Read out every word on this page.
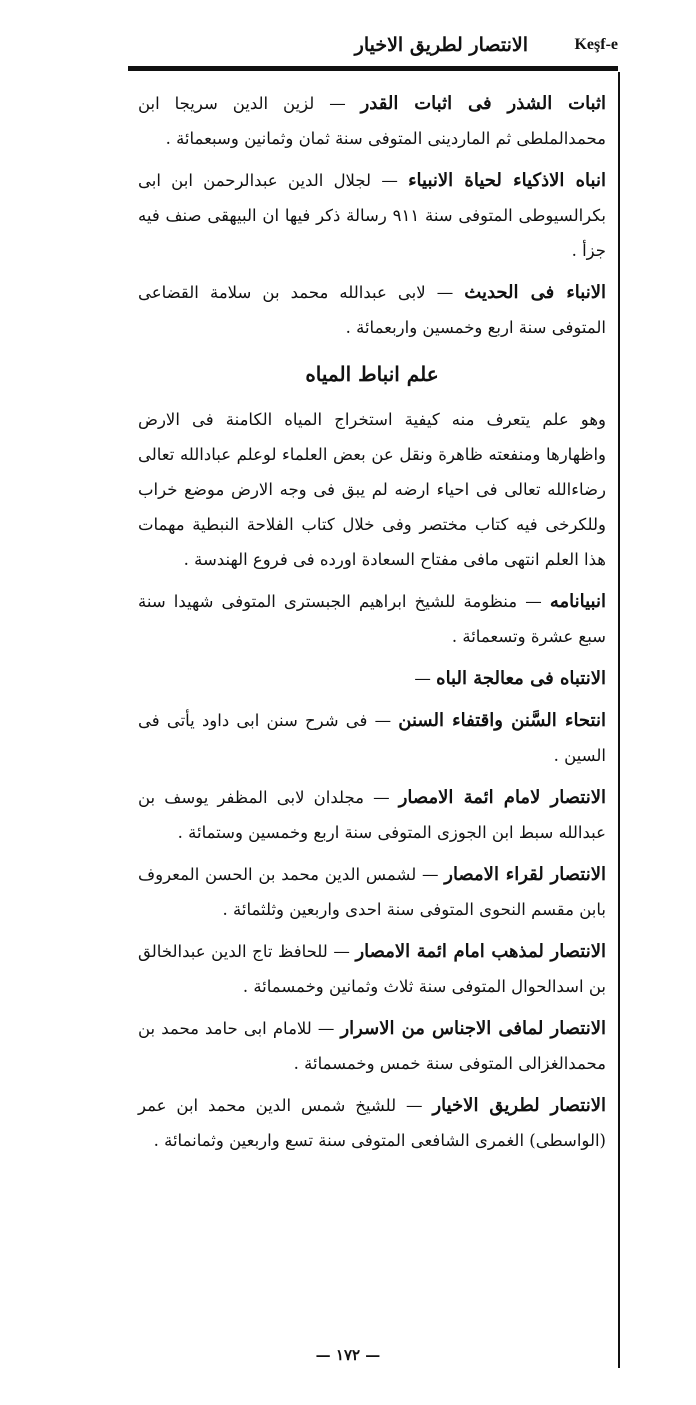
الانتصار لطريق الاخيار	Keşf-e

اثبات الشذر فى اثبات القدر — لزين الدين سريجا ابن محمدالملطى ثم الماردينى المتوفى سنة ثمان وثمانين وسبعمائة .

انباه الاذكياء لحياة الانبياء — لجلال الدين عبدالرحمن ابن ابى بكرالسيوطى المتوفى سنة ٩١١ رسالة ذكر فيها ان البيهقى صنف فيه جزأ .

الانباء فى الحديث — لابى عبدالله محمد بن سلامة القضاعى المتوفى سنة اربع وخمسين واربعمائة .

علم انباط المياه

وهو علم يتعرف منه كيفية استخراج المياه الكامنة فى الارض واظهارها ومنفعته ظاهرة ونقل عن بعض العلماء لوعلم عبادالله تعالى رضاءالله تعالى فى احياء ارضه لم يبق فى وجه الارض موضع خراب وللكرخى فيه كتاب مختصر وفى خلال كتاب الفلاحة النبطية مهمات هذا العلم انتهى مافى مفتاح السعادة اورده فى فروع الهندسة .

انبيانامه — منظومة للشيخ ابراهيم الجبسترى المتوفى شهيدا سنة سبع عشرة وتسعمائة .

الانتباه فى معالجة الباه —

انتحاء السَّنن واقتفاء السنن — فى شرح سنن ابى داود يأتى فى السين .

الانتصار لامام ائمة الامصار — مجلدان لابى المظفر يوسف بن عبدالله سبط ابن الجوزى المتوفى سنة اربع وخمسين وستمائة .

الانتصار لقراء الامصار — لشمس الدين محمد بن الحسن المعروف بابن مقسم النحوى المتوفى سنة احدى واربعين وثلثمائة .

الانتصار لمذهب امام ائمة الامصار — للحافظ تاج الدين عبدالخالق بن اسدالحوال المتوفى سنة ثلاث وثمانين وخمسمائة .

الانتصار لمافى الاجناس من الاسرار — للامام ابى حامد محمد بن محمدالغزالى المتوفى سنة خمس وخمسمائة .

الانتصار لطريق الاخيار — للشيخ شمس الدين محمد ابن عمر (الواسطى) الغمرى الشافعى المتوفى سنة تسع واربعين وثمانمائة .

— ١٧٢ —
